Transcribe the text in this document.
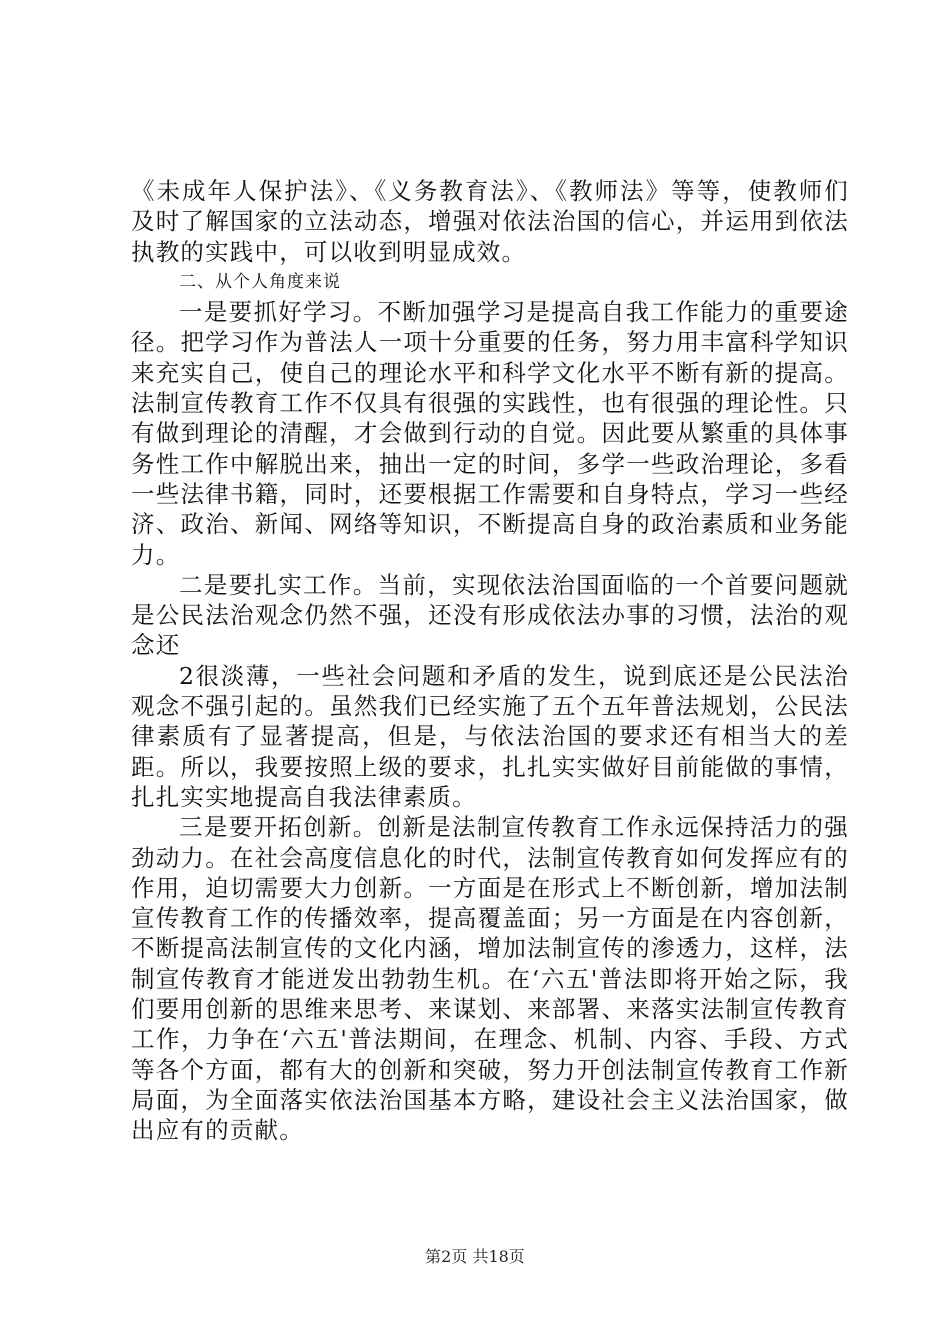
《未成年人保护法》、《义务教育法》、《教师法》等等，使教师们及时了解国家的立法动态，增强对依法治国的信心，并运用到依法执教的实践中，可以收到明显成效。

二、从个人角度来说

一是要抓好学习。不断加强学习是提高自我工作能力的重要途径。把学习作为普法人一项十分重要的任务，努力用丰富科学知识来充实自己，使自己的理论水平和科学文化水平不断有新的提高。法制宣传教育工作不仅具有很强的实践性，也有很强的理论性。只有做到理论的清醒，才会做到行动的自觉。因此要从繁重的具体事务性工作中解脱出来，抽出一定的时间，多学一些政治理论，多看一些法律书籍，同时，还要根据工作需要和自身特点，学习一些经济、政治、新闻、网络等知识，不断提高自身的政治素质和业务能力。

二是要扎实工作。当前，实现依法治国面临的一个首要问题就是公民法治观念仍然不强，还没有形成依法办事的习惯，法治的观念还

2很淡薄，一些社会问题和矛盾的发生，说到底还是公民法治观念不强引起的。虽然我们已经实施了五个五年普法规划，公民法律素质有了显著提高，但是，与依法治国的要求还有相当大的差距。所以，我要按照上级的要求，扎扎实实做好目前能做的事情，扎扎实实地提高自我法律素质。

三是要开拓创新。创新是法制宣传教育工作永远保持活力的强劲动力。在社会高度信息化的时代，法制宣传教育如何发挥应有的作用，迫切需要大力创新。一方面是在形式上不断创新，增加法制宣传教育工作的传播效率，提高覆盖面；另一方面是在内容创新，不断提高法制宣传的文化内涵，增加法制宣传的渗透力，这样，法制宣传教育才能迸发出勃勃生机。在‘六五'普法即将开始之际，我们要用创新的思维来思考、来谋划、来部署、来落实法制宣传教育工作，力争在‘六五'普法期间，在理念、机制、内容、手段、方式等各个方面，都有大的创新和突破，努力开创法制宣传教育工作新局面，为全面落实依法治国基本方略，建设社会主义法治国家，做出应有的贡献。

第2页 共18页
